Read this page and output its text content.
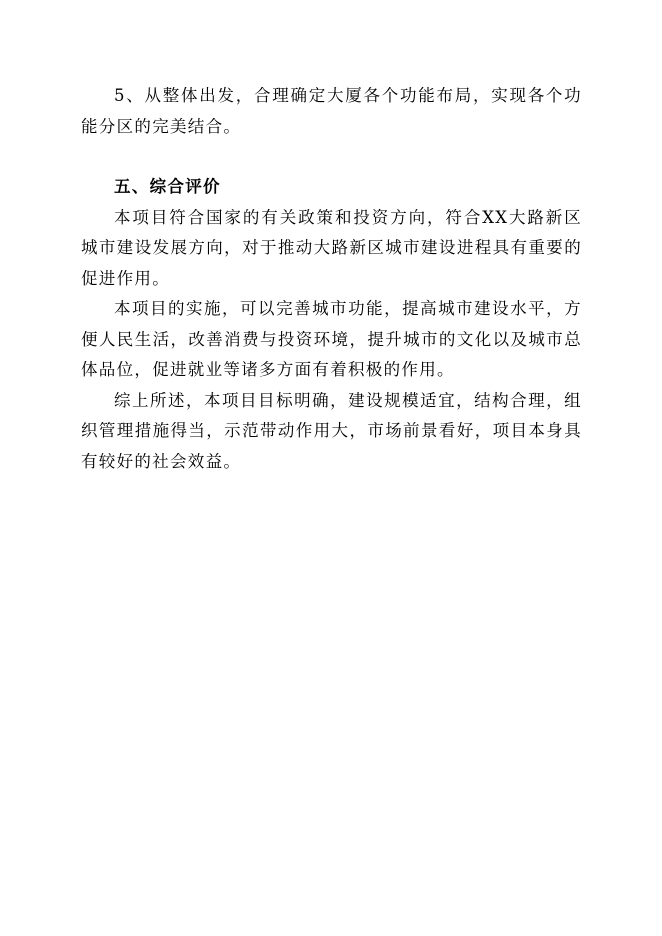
5、从整体出发，合理确定大厦各个功能布局，实现各个功能分区的完美结合。

五、综合评价

本项目符合国家的有关政策和投资方向，符合XX大路新区城市建设发展方向，对于推动大路新区城市建设进程具有重要的促进作用。

本项目的实施，可以完善城市功能，提高城市建设水平，方便人民生活，改善消费与投资环境，提升城市的文化以及城市总体品位，促进就业等诸多方面有着积极的作用。

综上所述，本项目目标明确，建设规模适宜，结构合理，组织管理措施得当，示范带动作用大，市场前景看好，项目本身具有较好的社会效益。
